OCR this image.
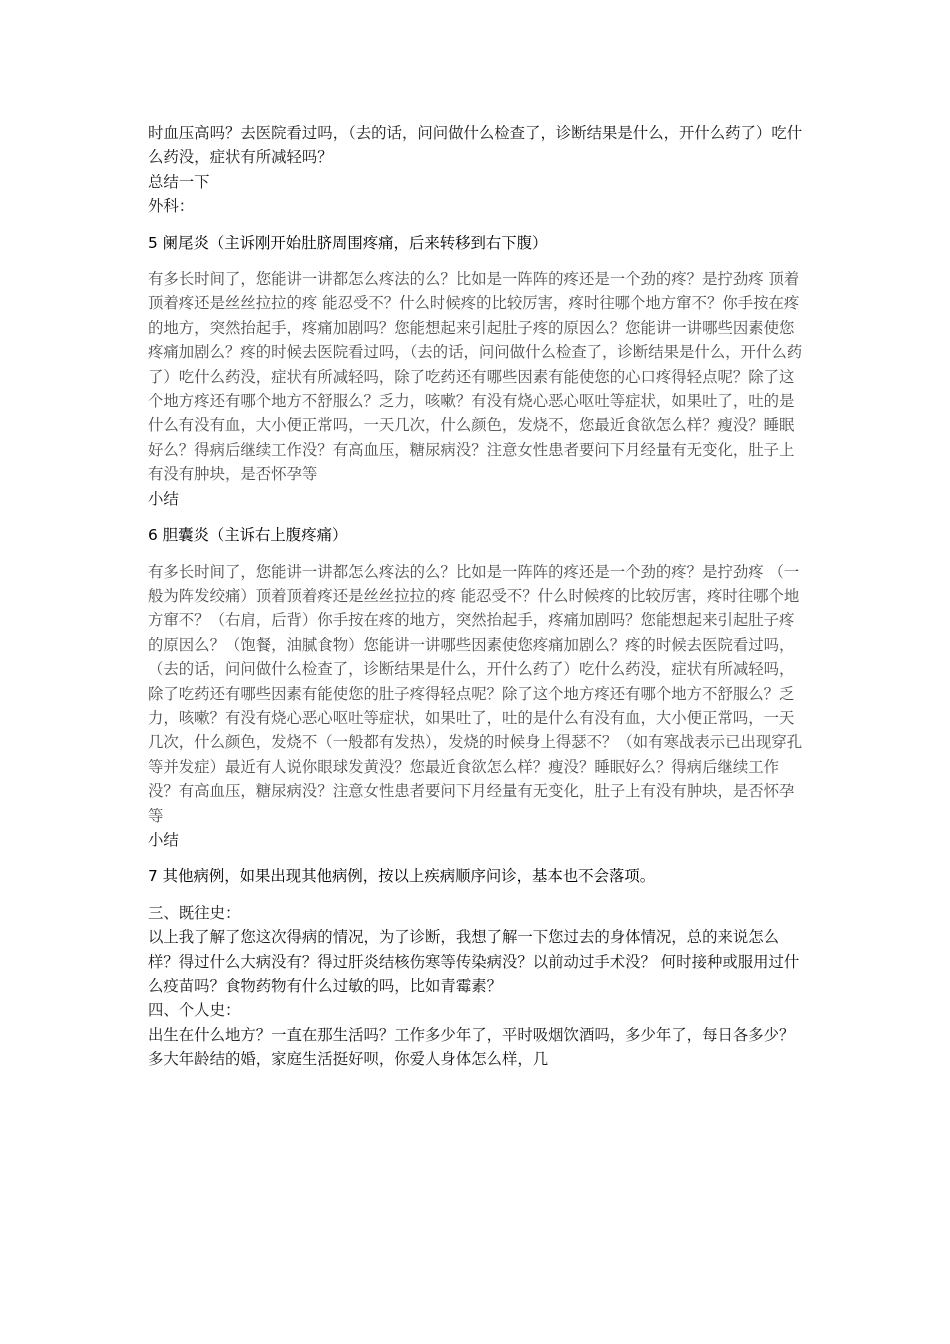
时血压高吗？去医院看过吗，（去的话，问问做什么检查了，诊断结果是什么，开什么药了）吃什么药没，症状有所减轻吗？

总结一下

外科：

5 阑尾炎（主诉刚开始肚脐周围疼痛，后来转移到右下腹）

有多长时间了，您能讲一讲都怎么疼法的么？比如是一阵阵的疼还是一个劲的疼？是拧劲疼 顶着顶着疼还是丝丝拉拉的疼 能忍受不？什么时候疼的比较厉害，疼时往哪个地方窜不？你手按在疼的地方，突然抬起手，疼痛加剧吗？您能想起来引起肚子疼的原因么？您能讲一讲哪些因素使您疼痛加剧么？疼的时候去医院看过吗，（去的话，问问做什么检查了，诊断结果是什么，开什么药了）吃什么药没，症状有所减轻吗，除了吃药还有哪些因素有能使您的心口疼得轻点呢？除了这个地方疼还有哪个地方不舒服么？乏力，咳嗽？有没有烧心恶心呕吐等症状，如果吐了，吐的是什么有没有血，大小便正常吗，一天几次，什么颜色，发烧不，您最近食欲怎么样？瘦没？睡眠好么？得病后继续工作没？有高血压，糖尿病没？注意女性患者要问下月经量有无变化，肚子上有没有肿块，是否怀孕等

小结

6 胆囊炎（主诉右上腹疼痛）

有多长时间了，您能讲一讲都怎么疼法的么？比如是一阵阵的疼还是一个劲的疼？是拧劲疼 （一般为阵发绞痛）顶着顶着疼还是丝丝拉拉的疼 能忍受不？什么时候疼的比较厉害，疼时往哪个地方窜不？（右肩，后背）你手按在疼的地方，突然抬起手，疼痛加剧吗？您能想起来引起肚子疼的原因么？（饱餐，油腻食物）您能讲一讲哪些因素使您疼痛加剧么？疼的时候去医院看过吗，（去的话，问问做什么检查了，诊断结果是什么，开什么药了）吃什么药没，症状有所减轻吗，除了吃药还有哪些因素有能使您的肚子疼得轻点呢？除了这个地方疼还有哪个地方不舒服么？乏力，咳嗽？有没有烧心恶心呕吐等症状，如果吐了，吐的是什么有没有血，大小便正常吗，一天几次，什么颜色，发烧不（一般都有发热），发烧的时候身上得瑟不？（如有寒战表示已出现穿孔等并发症）最近有人说你眼球发黄没？您最近食欲怎么样？瘦没？睡眠好么？得病后继续工作没？有高血压，糖尿病没？注意女性患者要问下月经量有无变化，肚子上有没有肿块，是否怀孕等

小结

7 其他病例，如果出现其他病例，按以上疾病顺序问诊，基本也不会落项。

三、既往史：

以上我了解了您这次得病的情况，为了诊断，我想了解一下您过去的身体情况，总的来说怎么样？得过什么大病没有？得过肝炎结核伤寒等传染病没？以前动过手术没？ 何时接种或服用过什么疫苗吗？食物药物有什么过敏的吗，比如青霉素？

四、个人史：

出生在什么地方？一直在那生活吗？工作多少年了，平时吸烟饮酒吗，多少年了，每日各多少？多大年龄结的婚，家庭生活挺好呗，你爱人身体怎么样，几
